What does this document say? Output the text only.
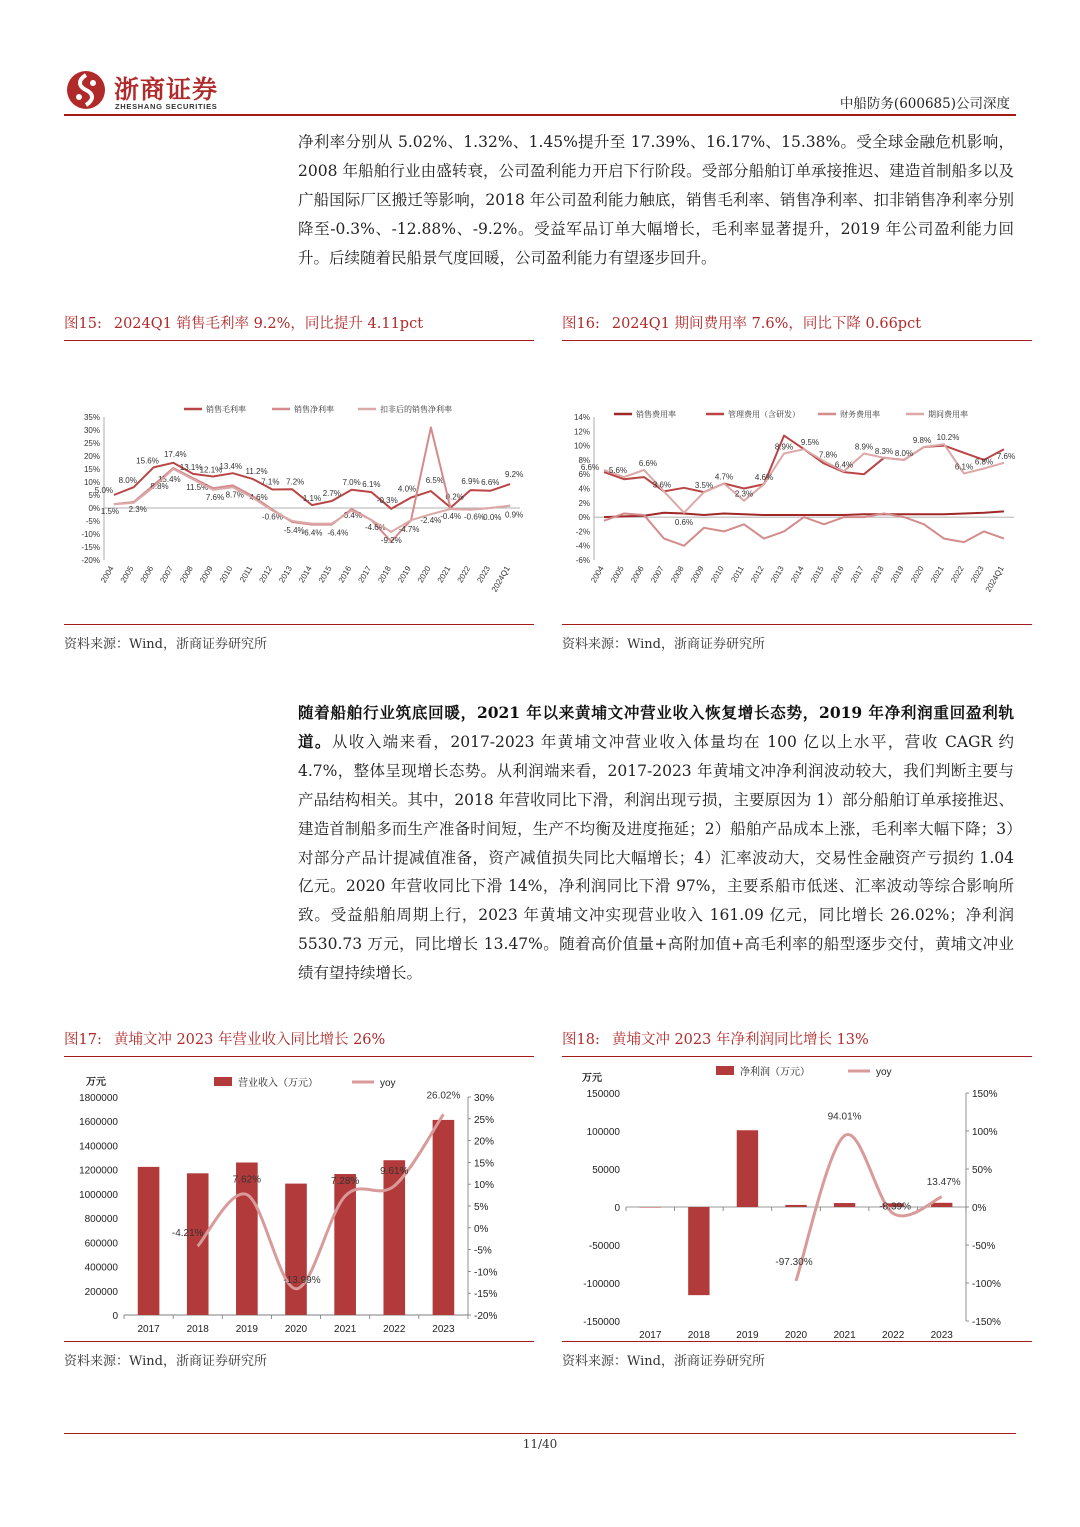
浙商证券
ZHESHANG SECURITIES	中船防务(600685)公司深度

净利率分别从 5.02%、1.32%、1.45%提升至 17.39%、16.17%、15.38%。受全球金融危机影响，2008 年船舶行业由盛转衰，公司盈利能力开启下行阶段。受部分船舶订单承接推迟、建造首制船多以及广船国际厂区搬迁等影响，2018 年公司盈利能力触底，销售毛利率、销售净利率、扣非销售净利率分别降至-0.3%、-12.88%、-9.2%。受益军品订单大幅增长，毛利率显著提升，2019 年公司盈利能力回升。后续随着民船景气度回暖，公司盈利能力有望逐步回升。

图15: 2024Q1 销售毛利率 9.2%，同比提升 4.11pct
-20%
-15%
-10%
-5%
0%
5%
10%
15%
20%
25%
30%
35%
2004 2005 2006 2007 2008 2009 2010 2011 2012 2013 2014 2015 2016 2017 2018 2019 2020 2021 2022 2023
2024Q1
5.0%
8.0%
15.6%
17.4%
13.1%
12.1%
13.4%
11.2%
7.1% 7.2%
1.1%
2.7%
7.0% 6.1%
-0.3%
4.0%
6.5%
0.2%
6.9% 6.6%
9.2%
1.5% 2.3%
8.8%
15.4%
11.5%
7.6% 8.7% 4.6%
-0.6%
-5.4%
-6.4% -6.4%
-0.4%
-4.6% -4.7%
-0.4% -0.6%
0.0% 0.9%
-9.2%
-2.4%
销售毛利率	销售净利率	扣非后的销售净利率
资料来源：Wind，浙商证券研究所
图16: 2024Q1 期间费用率 7.6%，同比下降 0.66pct
-6%
-4%
-2%
0%
2%
4%
6%
8%
10%
12%
14%
2004 2005 2006 2007 2008 2009 2010 2011 2012 2013 2014 2015 2016 2017 2018 2019 2020 2021 2022 2023
2024Q1
6.6% 5.6%
6.6%
3.6%
0.6%
3.5%
4.7%
2.3%
4.6%
8.9% 9.5%
7.8%
6.4%
8.9% 8.3% 8.0%
9.8% 10.2%
6.1%
6.8%
7.6%
销售费用率	管理费用（含研发）	财务费用率	期间费用率
资料来源：Wind，浙商证券研究所

随着船舶行业筑底回暖，2021 年以来黄埔文冲营业收入恢复增长态势，2019 年净利润重回盈利轨道。从收入端来看，2017-2023 年黄埔文冲营业收入体量均在 100 亿以上水平，营收 CAGR 约 4.7%，整体呈现增长态势。从利润端来看，2017-2023 年黄埔文冲净利润波动较大，我们判断主要与产品结构相关。其中，2018 年营收同比下滑，利润出现亏损，主要原因为 1）部分船舶订单承接推迟、建造首制船多而生产准备时间短，生产不均衡及进度拖延；2）船舶产品成本上涨，毛利率大幅下降；3）对部分产品计提减值准备，资产减值损失同比大幅增长；4）汇率波动大，交易性金融资产亏损约 1.04 亿元。2020 年营收同比下滑 14%，净利润同比下滑 97%，主要系船市低迷、汇率波动等综合影响所致。受益船舶周期上行，2023 年黄埔文冲实现营业收入 161.09 亿元，同比增长 26.02%；净利润 5530.73 万元，同比增长 13.47%。随着高价值量+高附加值+高毛利率的船型逐步交付，黄埔文冲业绩有望持续增长。

图17: 黄埔文冲 2023 年营业收入同比增长 26%
万元
0
200000
400000
600000
800000
1000000
1200000
1400000
1600000
1800000
-20%
-15%
-10%
-5%
0%
5%
10%
15%
20%
25%
30%
2017	2018	2019	2020	2021	2022	2023
-4.21%
7.62%
-13.99%
7.28%
9.61%
26.02%
营业收入（万元）	yoy
资料来源：Wind，浙商证券研究所
图18: 黄埔文冲 2023 年净利润同比增长 13%
万元
-150000
-100000
-50000
0
50000
100000
150000
-150%
-100%
-50%
0%
50%
100%
150%
2017	2018	2019	2020	2021	2022	2023
-97.30%
94.01%
-8.39%
13.47%
净利润（万元）	yoy
资料来源：Wind，浙商证券研究所
11/40
